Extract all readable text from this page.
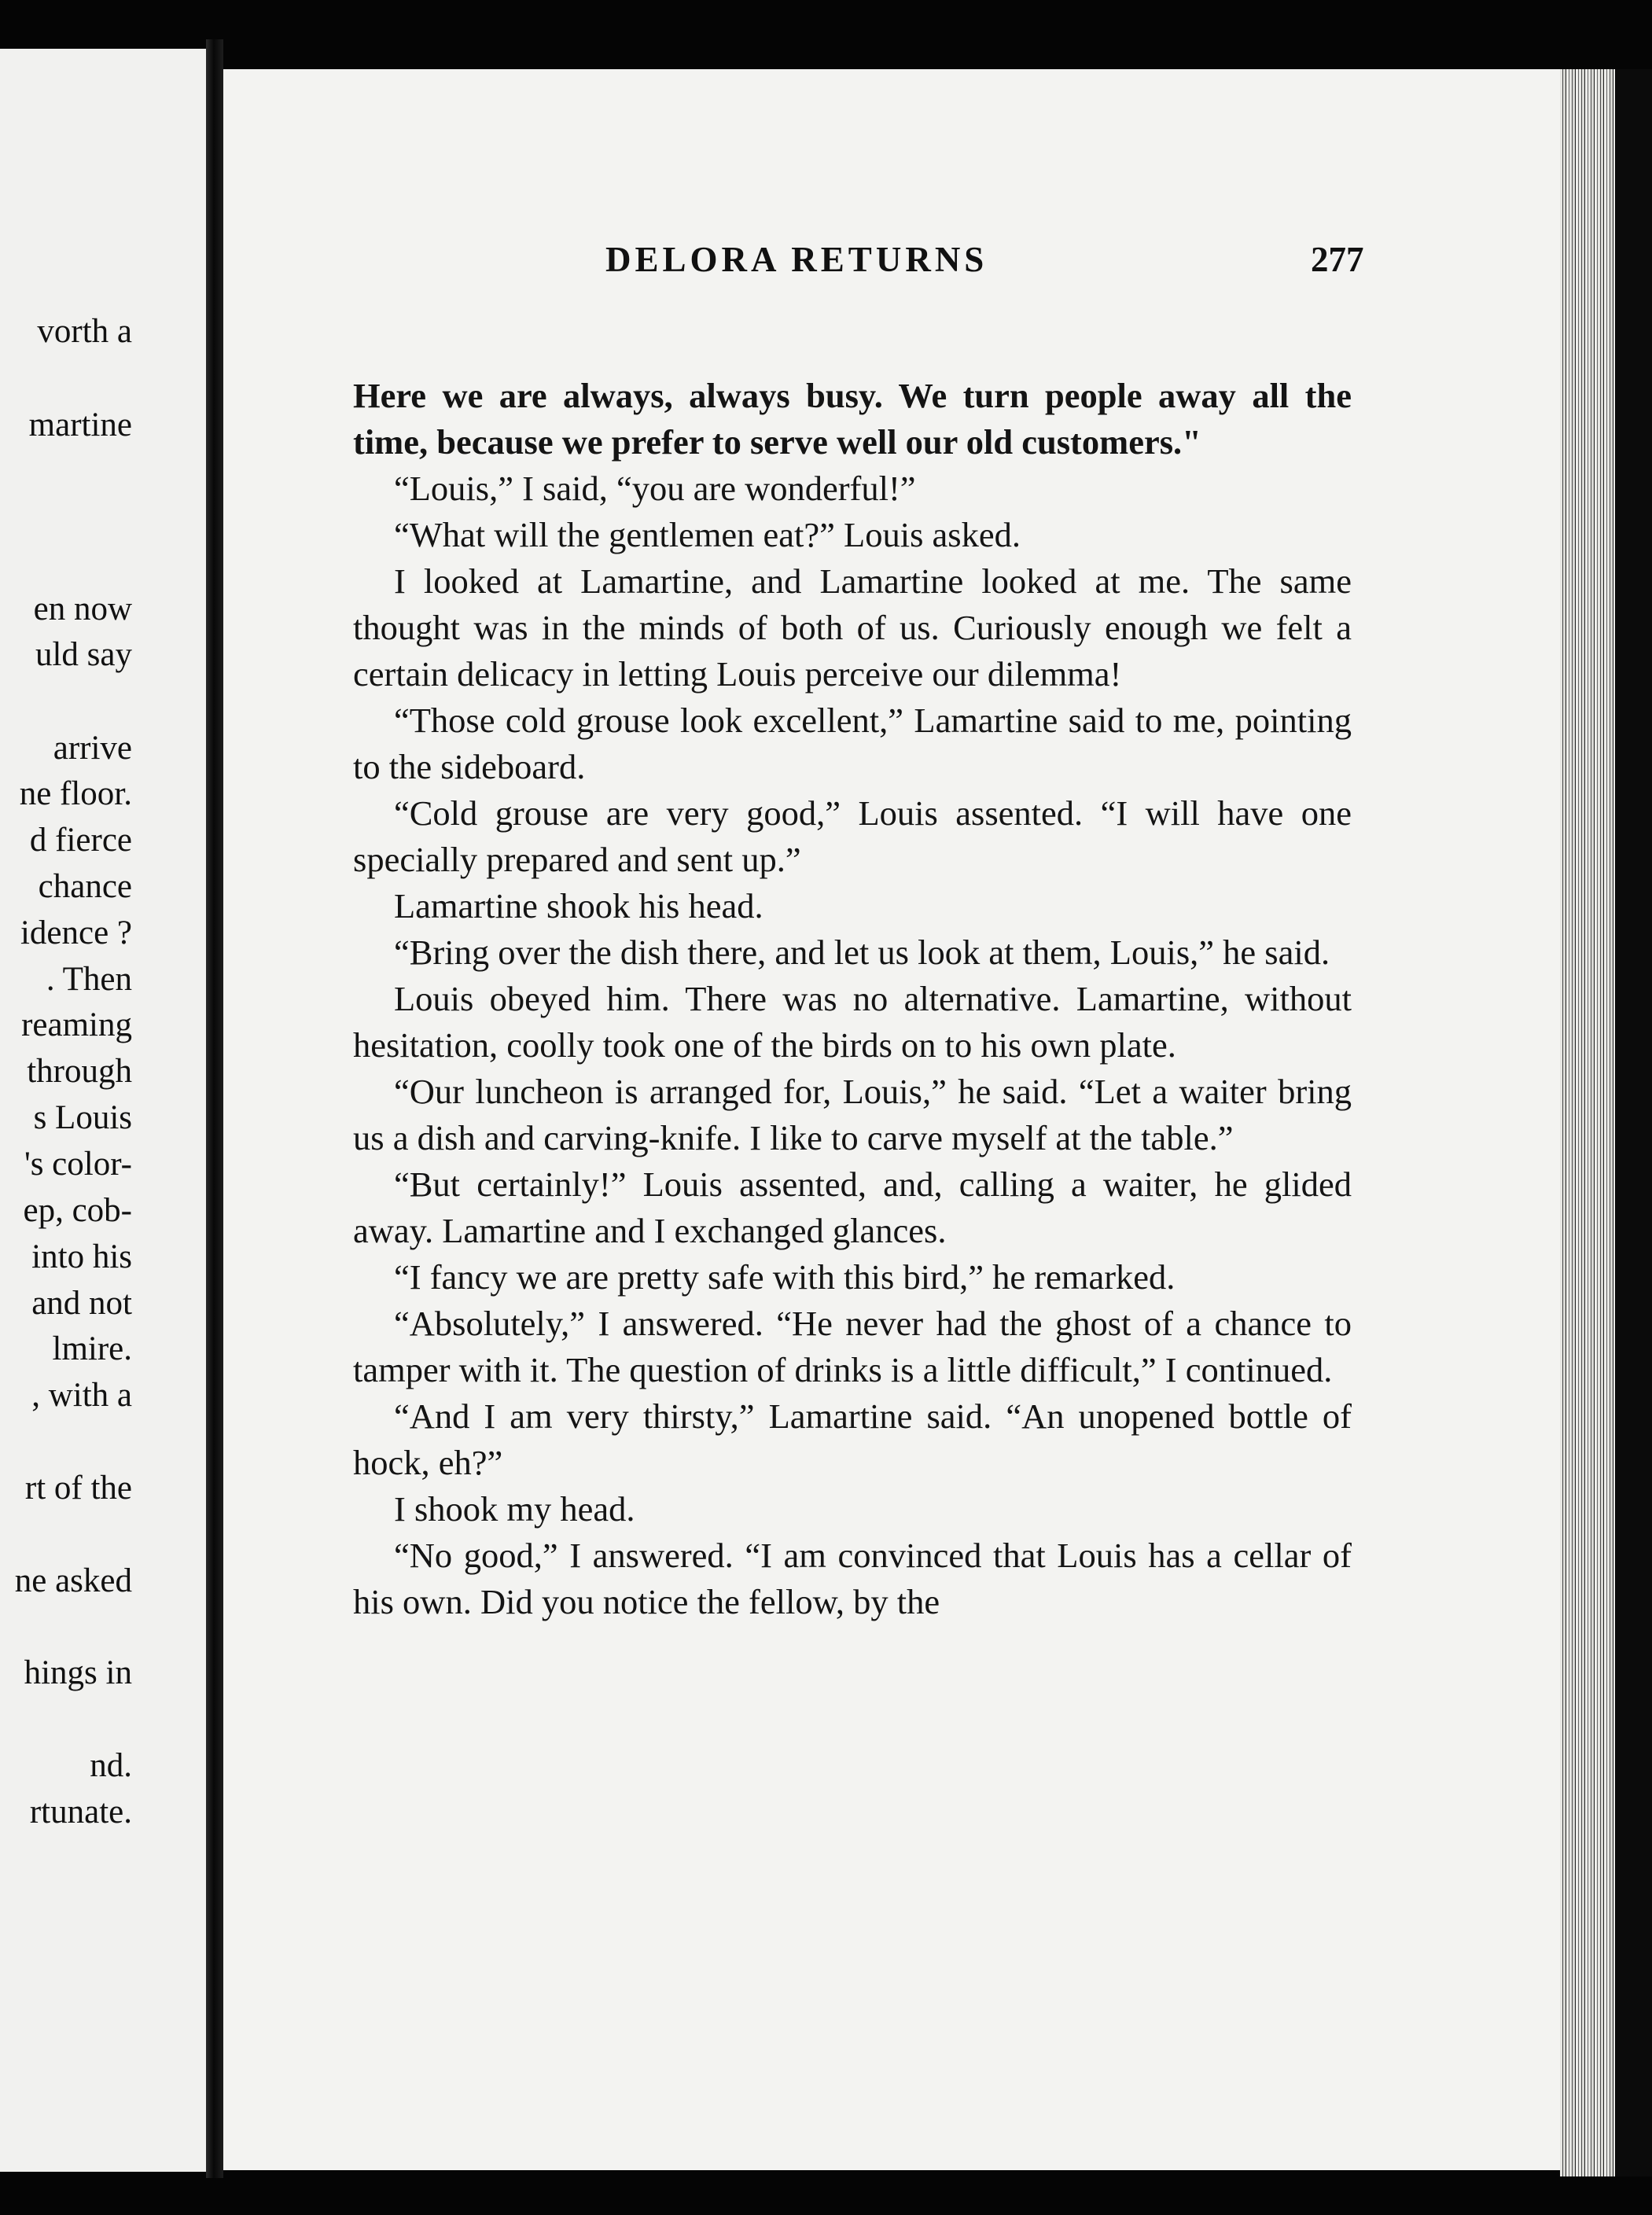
vorth a
martine
en now
uld say
arrive
ne floor.
d fierce
chance
idence ?
. Then
reaming
through
s Louis
's color-
ep, cob-
into his
and not
lmire.
, with a
rt of the
ne asked
hings in
nd.
rtunate.
DELORA RETURNS	277

Here we are always, always busy. We turn people away all the time, because we prefer to serve well our old customers."

“Louis,” I said, “you are wonderful!”

“What will the gentlemen eat?” Louis asked.

I looked at Lamartine, and Lamartine looked at me. The same thought was in the minds of both of us. Curiously enough we felt a certain delicacy in letting Louis perceive our dilemma!

“Those cold grouse look excellent,” Lamartine said to me, pointing to the sideboard.

“Cold grouse are very good,” Louis assented. “I will have one specially prepared and sent up.”

Lamartine shook his head.

“Bring over the dish there, and let us look at them, Louis,” he said.

Louis obeyed him. There was no alternative. Lamartine, without hesitation, coolly took one of the birds on to his own plate.

“Our luncheon is arranged for, Louis,” he said. “Let a waiter bring us a dish and carving-knife. I like to carve myself at the table.”

“But certainly!” Louis assented, and, calling a waiter, he glided away. Lamartine and I exchanged glances.

“I fancy we are pretty safe with this bird,” he remarked.

“Absolutely,” I answered. “He never had the ghost of a chance to tamper with it. The question of drinks is a little difficult,” I continued.

“And I am very thirsty,” Lamartine said. “An unopened bottle of hock, eh?”

I shook my head.

“No good,” I answered. “I am convinced that Louis has a cellar of his own. Did you notice the fellow, by the
